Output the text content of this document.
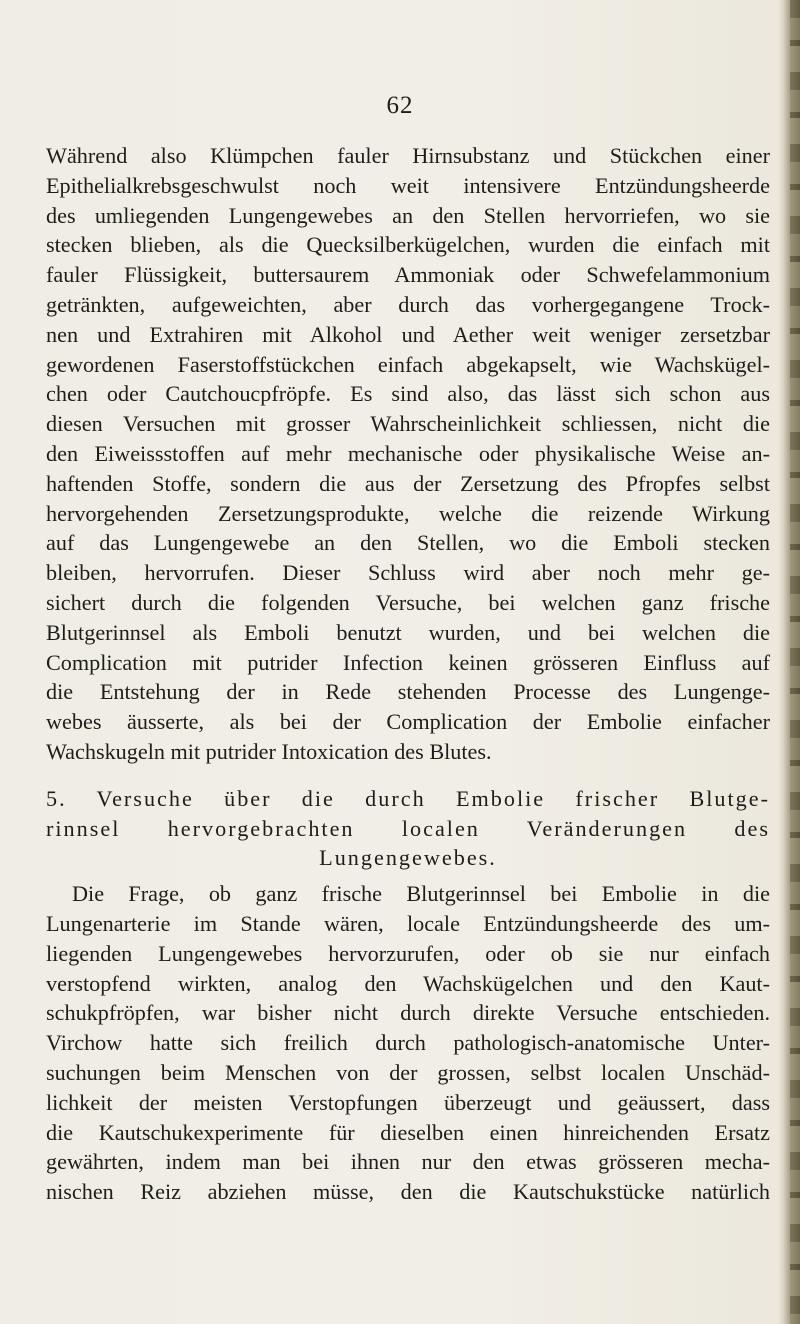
62
Während also Klümpchen fauler Hirnsubstanz und Stückchen einer
Epithelialkrebsgeschwulst noch weit intensivere Entzündungsheerde
des umliegenden Lungengewebes an den Stellen hervorriefen, wo sie
stecken blieben, als die Quecksilberkügelchen, wurden die einfach mit
fauler Flüssigkeit, buttersaurem Ammoniak oder Schwefelammonium
getränkten, aufgeweichten, aber durch das vorhergegangene Trock-
nen und Extrahiren mit Alkohol und Aether weit weniger zersetzbar
gewordenen Faserstoffstückchen einfach abgekapselt, wie Wachskügel-
chen oder Cautchoucpfröpfe. Es sind also, das lässt sich schon aus
diesen Versuchen mit grosser Wahrscheinlichkeit schliessen, nicht die
den Eiweissstoffen auf mehr mechanische oder physikalische Weise an-
haftenden Stoffe, sondern die aus der Zersetzung des Pfropfes selbst
hervorgehenden Zersetzungsprodukte, welche die reizende Wirkung
auf das Lungengewebe an den Stellen, wo die Emboli stecken
bleiben, hervorrufen. Dieser Schluss wird aber noch mehr ge-
sichert durch die folgenden Versuche, bei welchen ganz frische
Blutgerinnsel als Emboli benutzt wurden, und bei welchen die
Complication mit putrider Infection keinen grösseren Einfluss auf
die Entstehung der in Rede stehenden Processe des Lungenge-
webes äusserte, als bei der Complication der Embolie einfacher
Wachskugeln mit putrider Intoxication des Blutes.
5. Versuche über die durch Embolie frischer Blutge-
rinnsel hervorgebrachten localen Veränderungen des
Lungengewebes.
Die Frage, ob ganz frische Blutgerinnsel bei Embolie in die
Lungenarterie im Stande wären, locale Entzündungsheerde des um-
liegenden Lungengewebes hervorzurufen, oder ob sie nur einfach
verstopfend wirkten, analog den Wachskügelchen und den Kaut-
schukpfröpfen, war bisher nicht durch direkte Versuche entschieden.
Virchow hatte sich freilich durch pathologisch-anatomische Unter-
suchungen beim Menschen von der grossen, selbst localen Unschäd-
lichkeit der meisten Verstopfungen überzeugt und geäussert, dass
die Kautschukexperimente für dieselben einen hinreichenden Ersatz
gewährten, indem man bei ihnen nur den etwas grösseren mecha-
nischen Reiz abziehen müsse, den die Kautschukstücke natürlich
